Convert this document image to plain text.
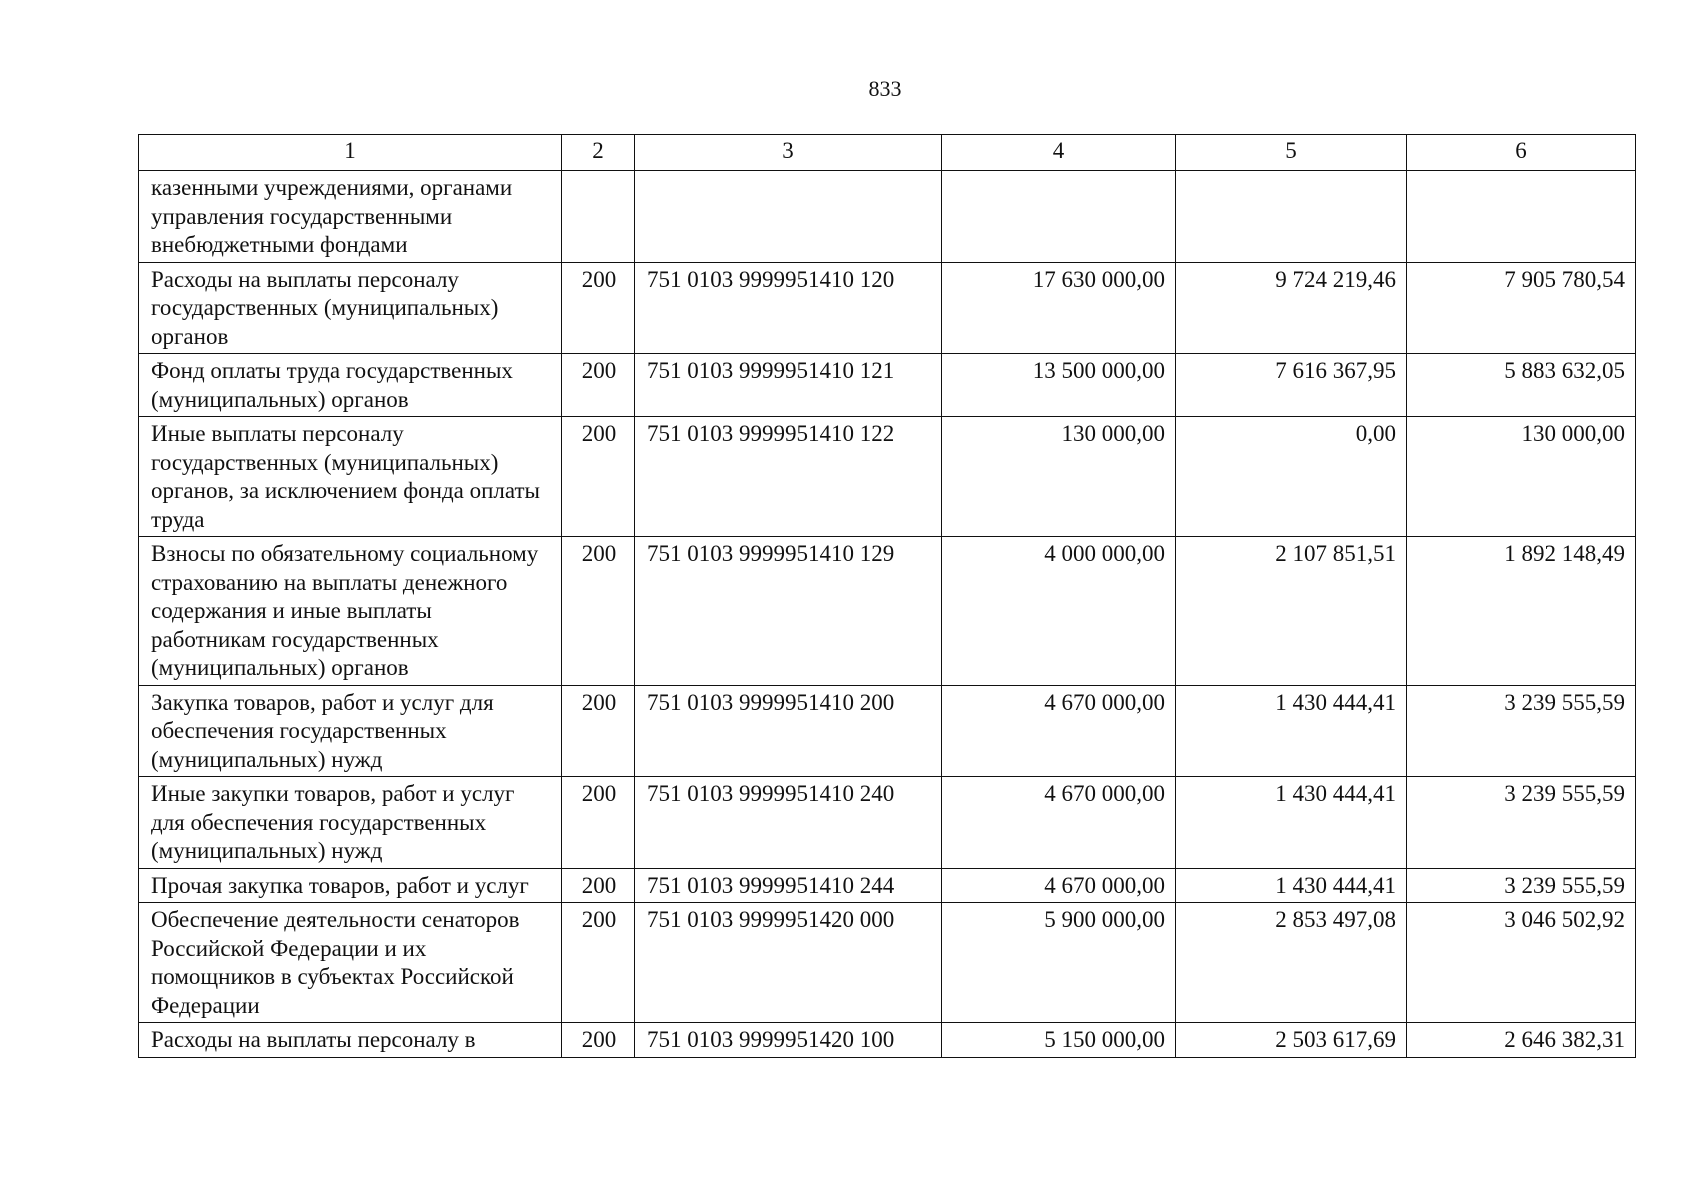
833
1	2	3	4	5	6
казенными учреждениями, органами управления государственными внебюджетными фондами					
Расходы на выплаты персоналу государственных (муниципальных) органов	200	751 0103 9999951410 120	17 630 000,00	9 724 219,46	7 905 780,54
Фонд оплаты труда государственных (муниципальных) органов	200	751 0103 9999951410 121	13 500 000,00	7 616 367,95	5 883 632,05
Иные выплаты персоналу государственных (муниципальных) органов, за исключением фонда оплаты труда	200	751 0103 9999951410 122	130 000,00	0,00	130 000,00
Взносы по обязательному социальному страхованию на выплаты денежного содержания и иные выплаты работникам государственных (муниципальных) органов	200	751 0103 9999951410 129	4 000 000,00	2 107 851,51	1 892 148,49
Закупка товаров, работ и услуг для обеспечения государственных (муниципальных) нужд	200	751 0103 9999951410 200	4 670 000,00	1 430 444,41	3 239 555,59
Иные закупки товаров, работ и услуг для обеспечения государственных (муниципальных) нужд	200	751 0103 9999951410 240	4 670 000,00	1 430 444,41	3 239 555,59
Прочая закупка товаров, работ и услуг	200	751 0103 9999951410 244	4 670 000,00	1 430 444,41	3 239 555,59
Обеспечение деятельности сенаторов Российской Федерации и их помощников в субъектах Российской Федерации	200	751 0103 9999951420 000	5 900 000,00	2 853 497,08	3 046 502,92
Расходы на выплаты персоналу в	200	751 0103 9999951420 100	5 150 000,00	2 503 617,69	2 646 382,31
